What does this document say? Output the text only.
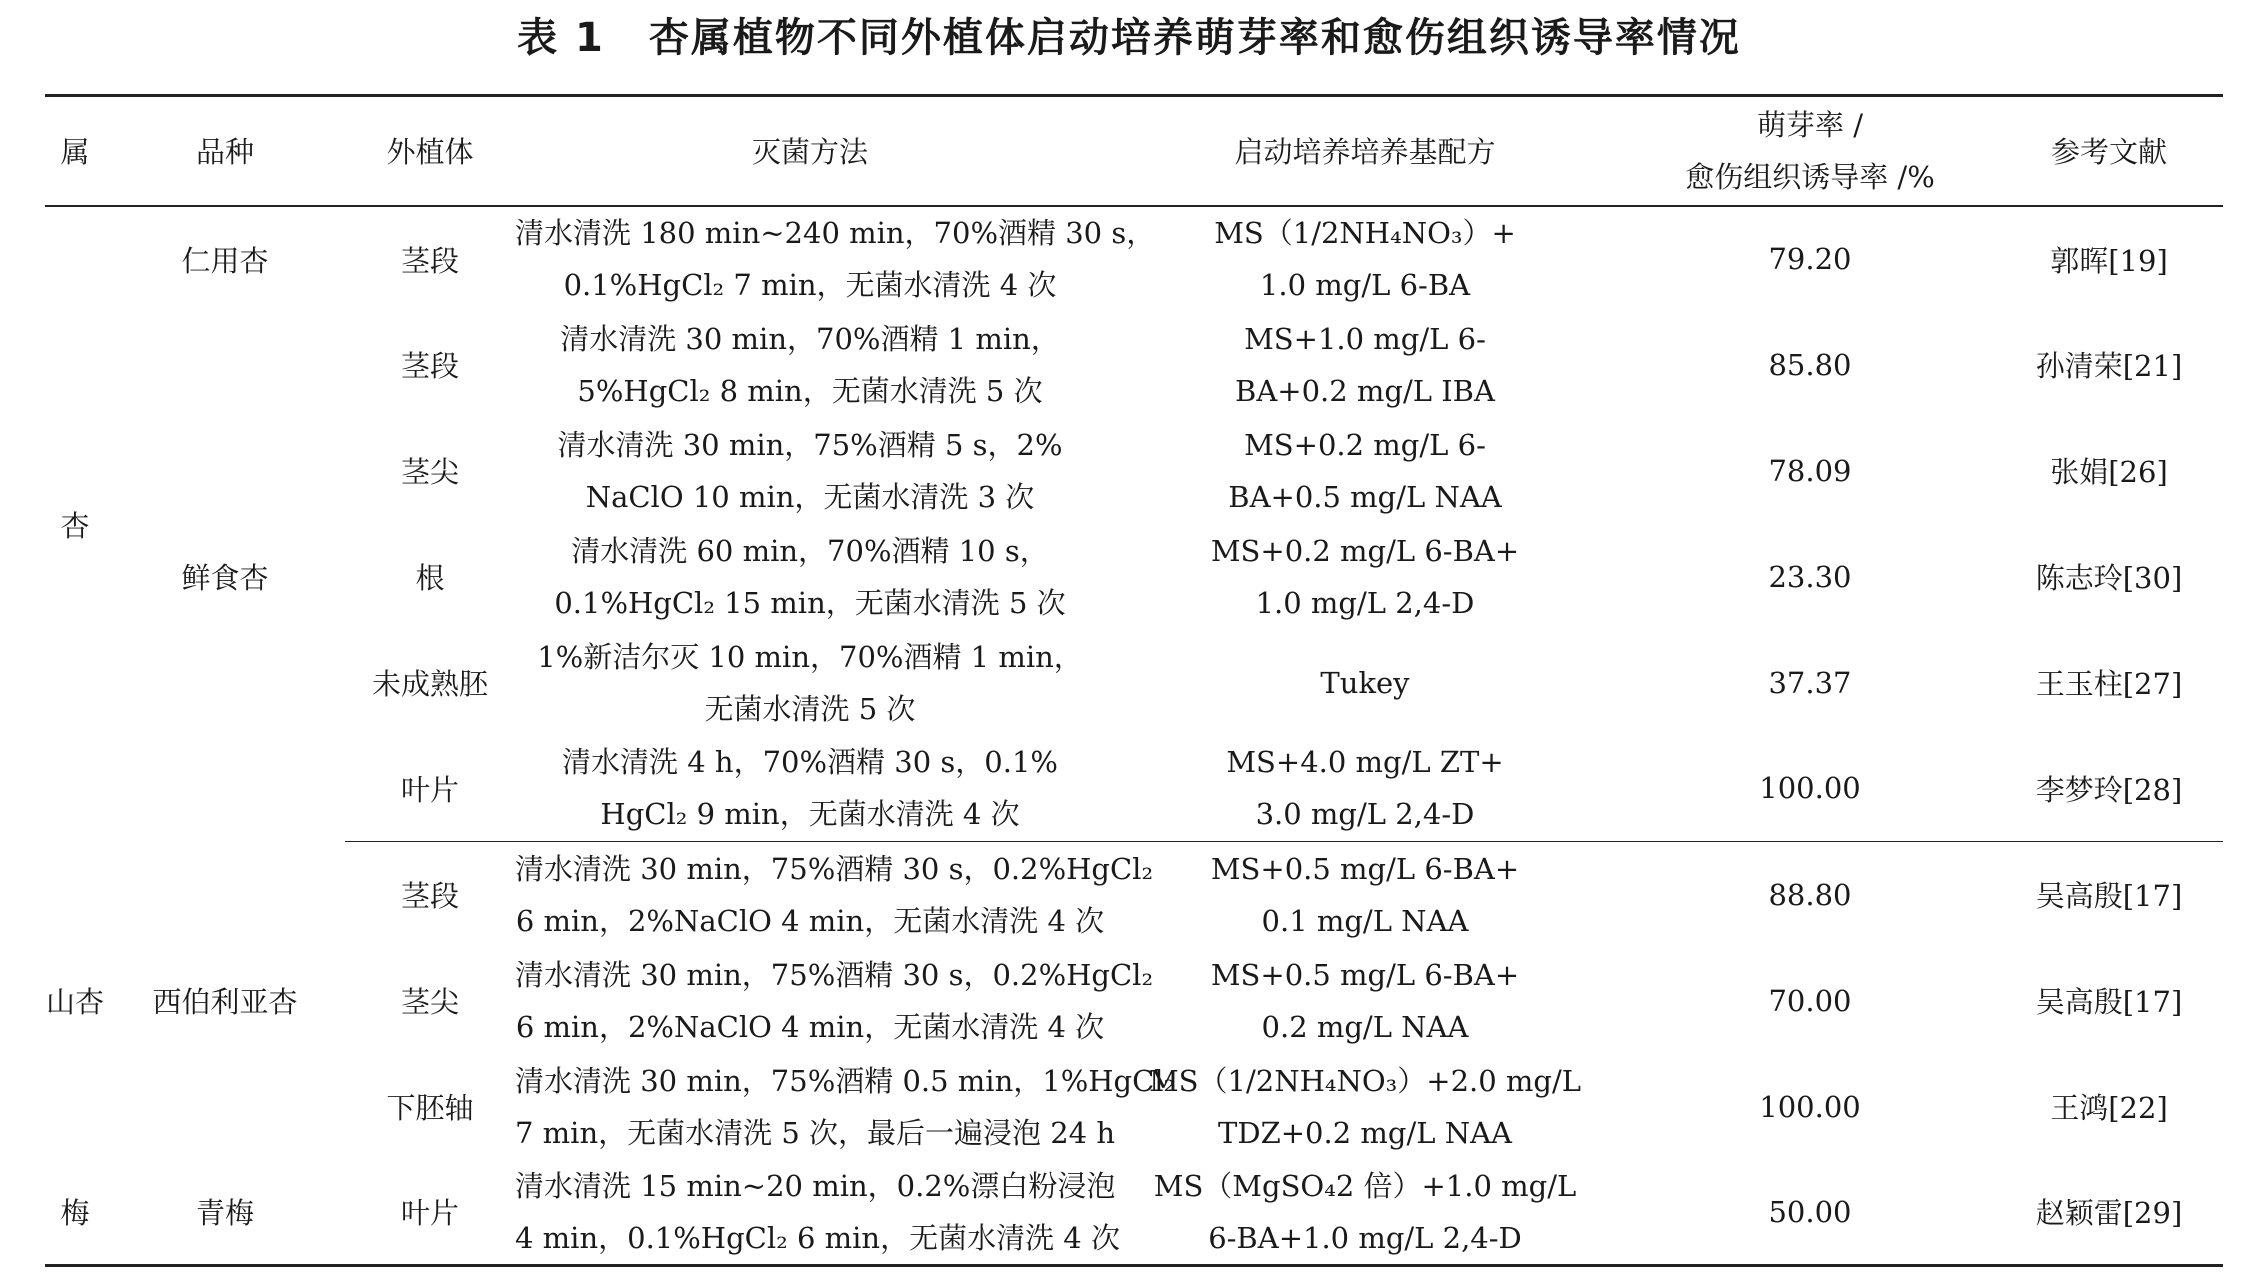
表 1 杏属植物不同外植体启动培养萌芽率和愈伤组织诱导率情况
属	品种	外植体	灭菌方法	启动培养培养基配方	萌芽率 /
愈伤组织诱导率 /%	参考文献
杏	仁用杏	茎段	清水清洗 180 min~240 min，70%酒精 30 s，
0.1%HgCl₂ 7 min，无菌水清洗 4 次	MS（1/2NH₄NO₃）+
1.0 mg/L 6-BA	79.20	郭晖[19]
	鲜食杏	茎段	清水清洗 30 min，70%酒精 1 min，
5%HgCl₂ 8 min，无菌水清洗 5 次	MS+1.0 mg/L 6-
BA+0.2 mg/L IBA	85.80	孙清荣[21]
		茎尖	清水清洗 30 min，75%酒精 5 s，2%
NaClO 10 min，无菌水清洗 3 次	MS+0.2 mg/L 6-
BA+0.5 mg/L NAA	78.09	张娟[26]
		根	清水清洗 60 min，70%酒精 10 s，
0.1%HgCl₂ 15 min，无菌水清洗 5 次	MS+0.2 mg/L 6-BA+
1.0 mg/L 2,4-D	23.30	陈志玲[30]
		未成熟胚	1%新洁尔灭 10 min，70%酒精 1 min，
无菌水清洗 5 次	Tukey	37.37	王玉柱[27]
		叶片	清水清洗 4 h，70%酒精 30 s，0.1%
HgCl₂ 9 min，无菌水清洗 4 次	MS+4.0 mg/L ZT+
3.0 mg/L 2,4-D	100.00	李梦玲[28]
山杏	西伯利亚杏	茎段	清水清洗 30 min，75%酒精 30 s，0.2%HgCl₂
6 min，2%NaClO 4 min，无菌水清洗 4 次	MS+0.5 mg/L 6-BA+
0.1 mg/L NAA	88.80	吴高殷[17]
		茎尖	清水清洗 30 min，75%酒精 30 s，0.2%HgCl₂
6 min，2%NaClO 4 min，无菌水清洗 4 次	MS+0.5 mg/L 6-BA+
0.2 mg/L NAA	70.00	吴高殷[17]
		下胚轴	清水清洗 30 min，75%酒精 0.5 min，1%HgCl₂
7 min，无菌水清洗 5 次，最后一遍浸泡 24 h	MS（1/2NH₄NO₃）+2.0 mg/L
TDZ+0.2 mg/L NAA	100.00	王鸿[22]
梅	青梅	叶片	清水清洗 15 min~20 min，0.2%漂白粉浸泡
4 min，0.1%HgCl₂ 6 min，无菌水清洗 4 次	MS（MgSO₄2 倍）+1.0 mg/L
6-BA+1.0 mg/L 2,4-D	50.00	赵颖雷[29]
